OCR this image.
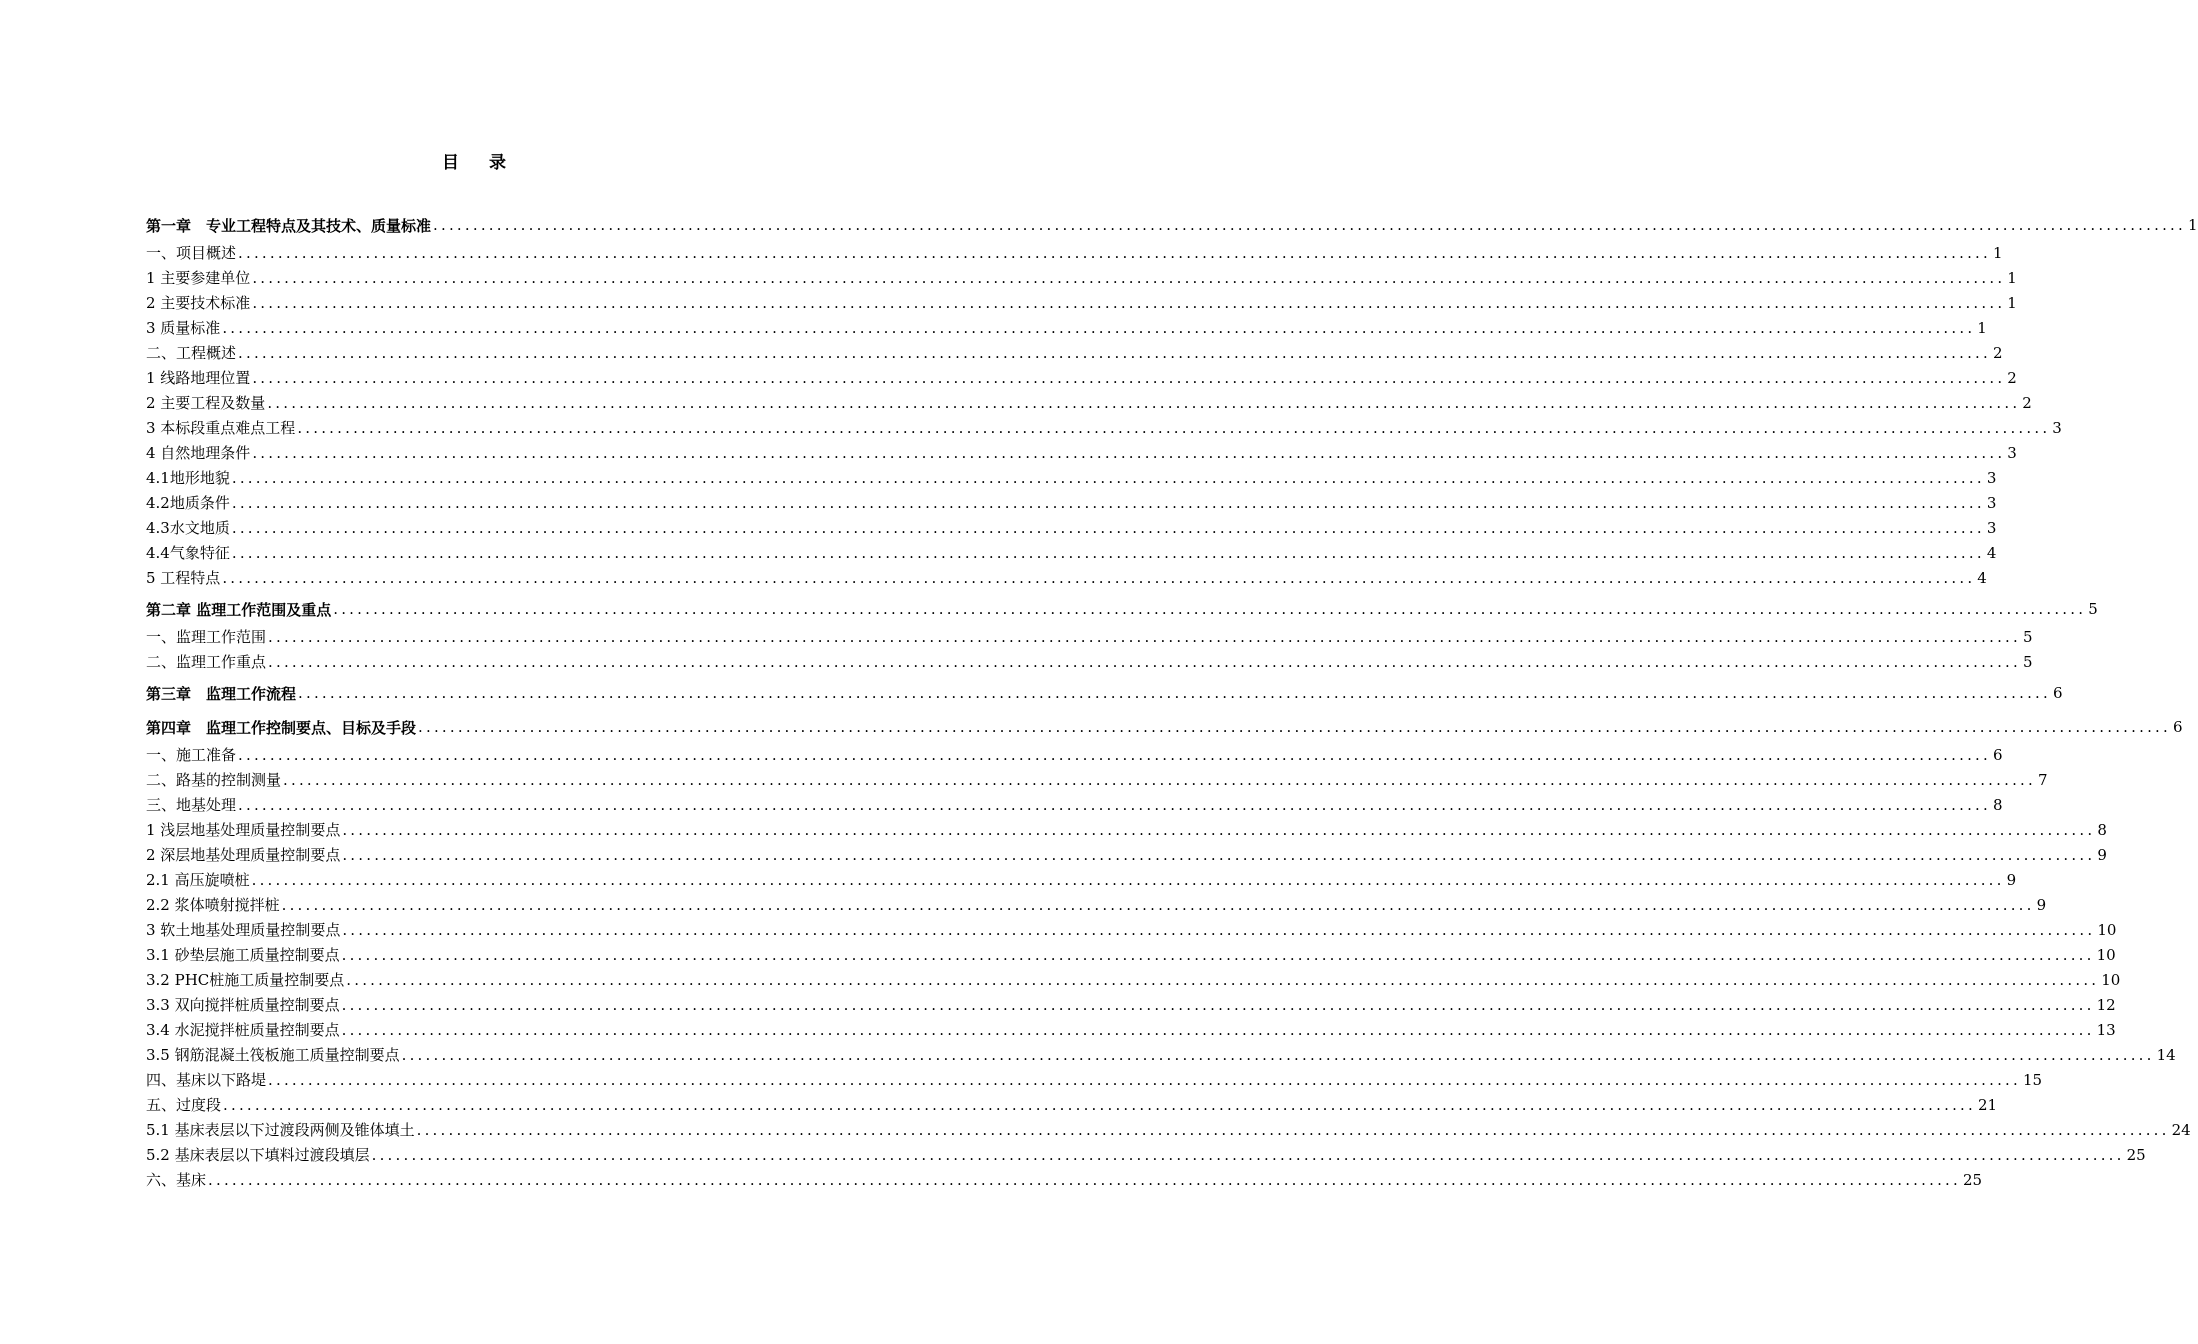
目 录
第一章　专业工程特点及其技术、质量标准 ............................................................................................................................................................................................................................ 1
一、项目概述 ............................................................................................................................................................................................................................ 1
1 主要参建单位 ............................................................................................................................................................................................................................ 1
2 主要技术标准 ............................................................................................................................................................................................................................ 1
3 质量标准 ............................................................................................................................................................................................................................ 1
二、工程概述 ............................................................................................................................................................................................................................ 2
1 线路地理位置 ............................................................................................................................................................................................................................ 2
2 主要工程及数量 ............................................................................................................................................................................................................................ 2
3 本标段重点难点工程 ............................................................................................................................................................................................................................ 3
4 自然地理条件 ............................................................................................................................................................................................................................ 3
4.1地形地貌 ............................................................................................................................................................................................................................ 3
4.2地质条件 ............................................................................................................................................................................................................................ 3
4.3水文地质 ............................................................................................................................................................................................................................ 3
4.4气象特征 ............................................................................................................................................................................................................................ 4
5 工程特点 ............................................................................................................................................................................................................................ 4
第二章 监理工作范围及重点 ............................................................................................................................................................................................................................ 5
一、监理工作范围 ............................................................................................................................................................................................................................ 5
二、监理工作重点 ............................................................................................................................................................................................................................ 5
第三章　监理工作流程 ............................................................................................................................................................................................................................ 6
第四章　监理工作控制要点、目标及手段 ............................................................................................................................................................................................................................ 6
一、施工准备 ............................................................................................................................................................................................................................ 6
二、路基的控制测量 ............................................................................................................................................................................................................................ 7
三、地基处理 ............................................................................................................................................................................................................................ 8
1 浅层地基处理质量控制要点 ............................................................................................................................................................................................................................ 8
2 深层地基处理质量控制要点 ............................................................................................................................................................................................................................ 9
2.1 高压旋喷桩 ............................................................................................................................................................................................................................ 9
2.2 浆体喷射搅拌桩 ............................................................................................................................................................................................................................ 9
3 软土地基处理质量控制要点 ............................................................................................................................................................................................................................ 10
3.1 砂垫层施工质量控制要点 ............................................................................................................................................................................................................................ 10
3.2 PHC桩施工质量控制要点 ............................................................................................................................................................................................................................ 10
3.3 双向搅拌桩质量控制要点 ............................................................................................................................................................................................................................ 12
3.4 水泥搅拌桩质量控制要点 ............................................................................................................................................................................................................................ 13
3.5 钢筋混凝土筏板施工质量控制要点 ............................................................................................................................................................................................................................ 14
四、基床以下路堤 ............................................................................................................................................................................................................................ 15
五、过度段 ............................................................................................................................................................................................................................ 21
5.1 基床表层以下过渡段两侧及锥体填土 ............................................................................................................................................................................................................................ 24
5.2 基床表层以下填料过渡段填层 ............................................................................................................................................................................................................................ 25
六、基床 ............................................................................................................................................................................................................................ 25
